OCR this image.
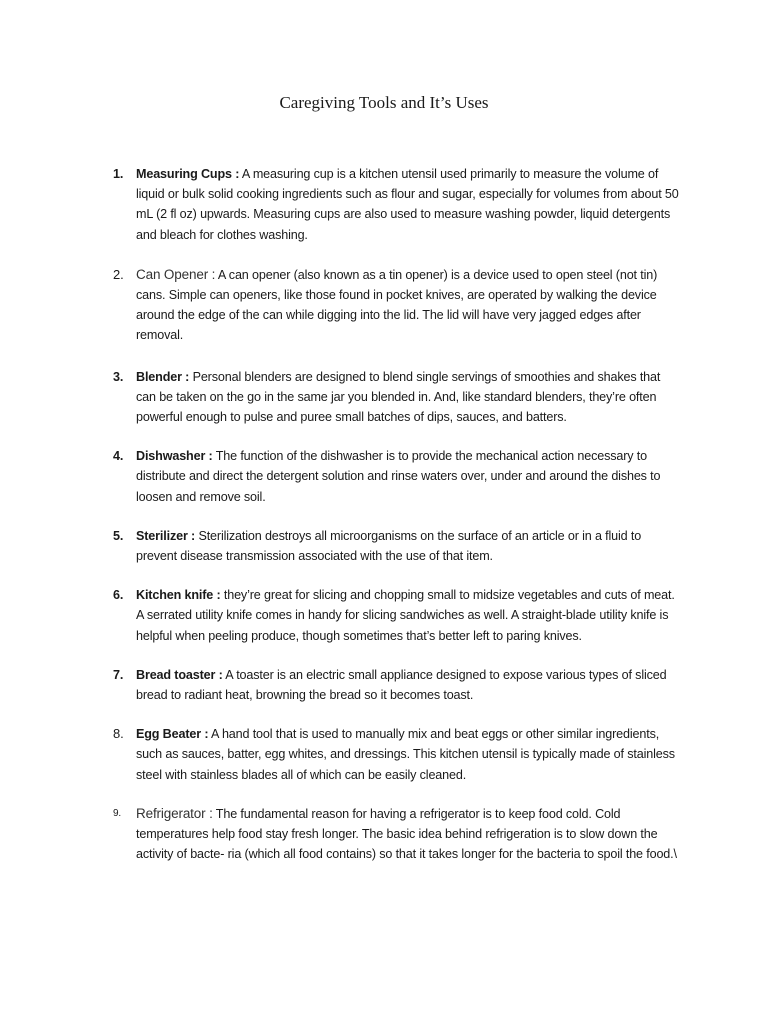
Caregiving Tools and It’s Uses
1. Measuring Cups : A measuring cup is a kitchen utensil used primarily to measure the volume of liquid or bulk solid cooking ingredients such as flour and sugar, especially for volumes from about 50 mL (2 fl oz) upwards. Measuring cups are also used to measure washing powder, liquid detergents and bleach for clothes washing.
2. Can Opener : A can opener (also known as a tin opener) is a device used to open steel (not tin) cans. Simple can openers, like those found in pocket knives, are operated by walking the device around the edge of the can while digging into the lid. The lid will have very jagged edges after removal.
3. Blender : Personal blenders are designed to blend single servings of smoothies and shakes that can be taken on the go in the same jar you blended in. And, like standard blenders, they’re often powerful enough to pulse and puree small batches of dips, sauces, and batters.
4. Dishwasher : The function of the dishwasher is to provide the mechanical action necessary to distribute and direct the detergent solution and rinse waters over, under and around the dishes to loosen and remove soil.
5. Sterilizer : Sterilization destroys all microorganisms on the surface of an article or in a fluid to prevent disease transmission associated with the use of that item.
6. Kitchen knife : they’re great for slicing and chopping small to midsize vegetables and cuts of meat. A serrated utility knife comes in handy for slicing sandwiches as well. A straight-blade utility knife is helpful when peeling produce, though sometimes that’s better left to paring knives.
7. Bread toaster : A toaster is an electric small appliance designed to expose various types of sliced bread to radiant heat, browning the bread so it becomes toast.
8. Egg Beater : A hand tool that is used to manually mix and beat eggs or other similar ingredients, such as sauces, batter, egg whites, and dressings. This kitchen utensil is typically made of stainless steel with stainless blades all of which can be easily cleaned.
9. Refrigerator : The fundamental reason for having a refrigerator is to keep food cold. Cold temperatures help food stay fresh longer. The basic idea behind refrigeration is to slow down the activity of bacte- ria (which all food contains) so that it takes longer for the bacteria to spoil the food.\
